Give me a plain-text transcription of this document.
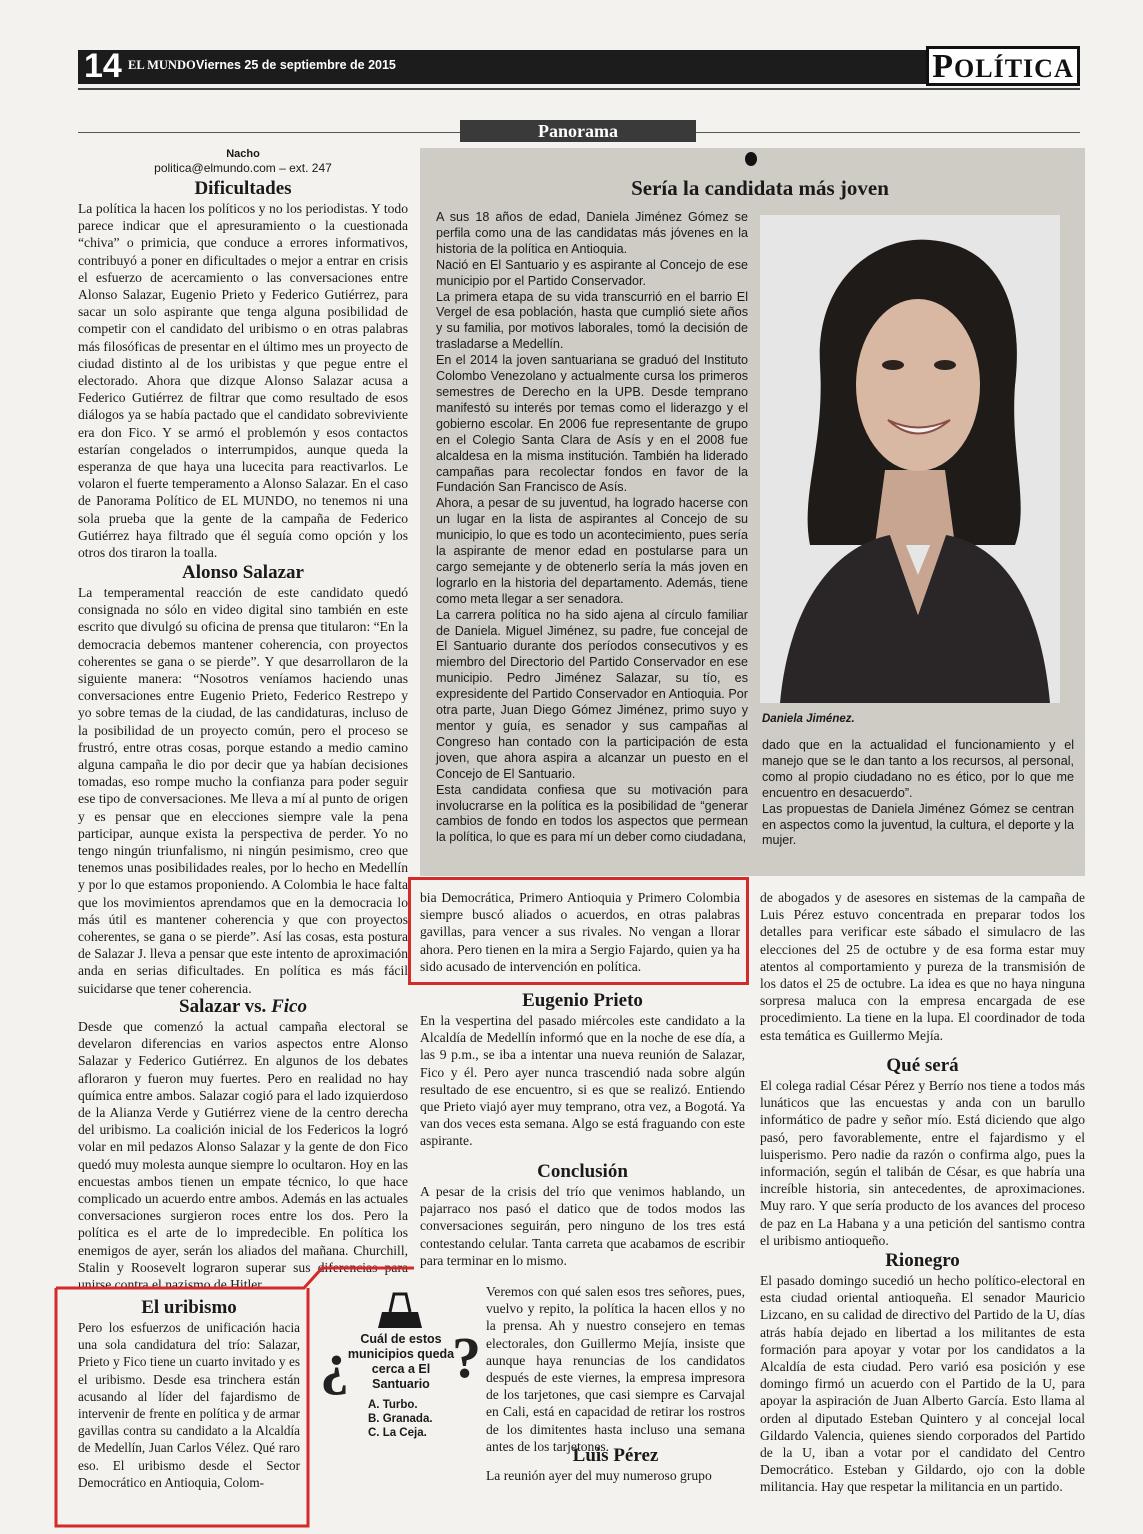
14 EL MUNDO Viernes 25 de septiembre de 2015	POLÍTICA
Panorama
Nacho
politica@elmundo.com – ext. 247
Dificultades

La política la hacen los políticos y no los periodistas. Y todo parece indicar que el apresuramiento o la cuestionada “chiva” o primicia, que conduce a errores informativos, contribuyó a poner en dificultades o mejor a entrar en crisis el esfuerzo de acercamiento o las conversaciones entre Alonso Salazar, Eugenio Prieto y Federico Gutiérrez, para sacar un solo aspirante que tenga alguna posibilidad de competir con el candidato del uribismo o en otras palabras más filosóficas de presentar en el último mes un proyecto de ciudad distinto al de los uribistas y que pegue entre el electorado. Ahora que dizque Alonso Salazar acusa a Federico Gutiérrez de filtrar que como resultado de esos diálogos ya se había pactado que el candidato sobreviviente era don Fico. Y se armó el problemón y esos contactos estarían congelados o interrumpidos, aunque queda la esperanza de que haya una lucecita para reactivarlos. Le volaron el fuerte temperamento a Alonso Salazar. En el caso de Panorama Político de EL MUNDO, no tenemos ni una sola prueba que la gente de la campaña de Federico Gutiérrez haya filtrado que él seguía como opción y los otros dos tiraron la toalla.

Alonso Salazar

La temperamental reacción de este candidato quedó consignada no sólo en video digital sino también en este escrito que divulgó su oficina de prensa que titularon: “En la democracia debemos mantener coherencia, con proyectos coherentes se gana o se pierde”. Y que desarrollaron de la siguiente manera: “Nosotros veníamos haciendo unas conversaciones entre Eugenio Prieto, Federico Restrepo y yo sobre temas de la ciudad, de las candidaturas, incluso de la posibilidad de un proyecto común, pero el proceso se frustró, entre otras cosas, porque estando a medio camino alguna campaña le dio por decir que ya habían decisiones tomadas, eso rompe mucho la confianza para poder seguir ese tipo de conversaciones. Me lleva a mí al punto de origen y es pensar que en elecciones siempre vale la pena participar, aunque exista la perspectiva de perder. Yo no tengo ningún triunfalismo, ni ningún pesimismo, creo que tenemos unas posibilidades reales, por lo hecho en Medellín y por lo que estamos proponiendo. A Colombia le hace falta que los movimientos aprendamos que en la democracia lo más útil es mantener coherencia y que con proyectos coherentes, se gana o se pierde”. Así las cosas, esta postura de Salazar J. lleva a pensar que este intento de aproximación anda en serias dificultades. En política es más fácil suicidarse que tener coherencia.

Salazar vs. Fico

Desde que comenzó la actual campaña electoral se develaron diferencias en varios aspectos entre Alonso Salazar y Federico Gutiérrez. En algunos de los debates afloraron y fueron muy fuertes. Pero en realidad no hay química entre ambos. Salazar cogió para el lado izquierdoso de la Alianza Verde y Gutiérrez viene de la centro derecha del uribismo. La coalición inicial de los Federicos la logró volar en mil pedazos Alonso Salazar y la gente de don Fico quedó muy molesta aunque siempre lo ocultaron. Hoy en las encuestas ambos tienen un empate técnico, lo que hace complicado un acuerdo entre ambos. Además en las actuales conversaciones surgieron roces entre los dos. Pero la política es el arte de lo impredecible. En política los enemigos de ayer, serán los aliados del mañana. Churchill, Stalin y Roosevelt lograron superar sus diferencias para unirse contra el nazismo de Hitler.

El uribismo

Pero los esfuerzos de unificación hacia una sola candidatura del trío: Salazar, Prieto y Fico tiene un cuarto invitado y es el uribismo. Desde esa trinchera están acusando al líder del fajardismo de intervenir de frente en política y de armar gavillas contra su candidato a la Alcaldía de Medellín, Juan Carlos Vélez. Qué raro eso. El uribismo desde el Sector Democrático en Antioquia, Colom-

Sería la candidata más joven

A sus 18 años de edad, Daniela Jiménez Gómez se perfila como una de las candidatas más jóvenes en la historia de la política en Antioquia.

Nació en El Santuario y es aspirante al Concejo de ese municipio por el Partido Conservador.

La primera etapa de su vida transcurrió en el barrio El Vergel de esa población, hasta que cumplió siete años y su familia, por motivos laborales, tomó la decisión de trasladarse a Medellín.

En el 2014 la joven santuariana se graduó del Instituto Colombo Venezolano y actualmente cursa los primeros semestres de Derecho en la UPB. Desde temprano manifestó su interés por temas como el liderazgo y el gobierno escolar. En 2006 fue representante de grupo en el Colegio Santa Clara de Asís y en el 2008 fue alcaldesa en la misma institución. También ha liderado campañas para recolectar fondos en favor de la Fundación San Francisco de Asís.

Ahora, a pesar de su juventud, ha logrado hacerse con un lugar en la lista de aspirantes al Concejo de su municipio, lo que es todo un acontecimiento, pues sería la aspirante de menor edad en postularse para un cargo semejante y de obtenerlo sería la más joven en lograrlo en la historia del departamento. Además, tiene como meta llegar a ser senadora.

La carrera política no ha sido ajena al círculo familiar de Daniela. Miguel Jiménez, su padre, fue concejal de El Santuario durante dos períodos consecutivos y es miembro del Directorio del Partido Conservador en ese municipio. Pedro Jiménez Salazar, su tío, es expresidente del Partido Conservador en Antioquia. Por otra parte, Juan Diego Gómez Jiménez, primo suyo y mentor y guía, es senador y sus campañas al Congreso han contado con la participación de esta joven, que ahora aspira a alcanzar un puesto en el Concejo de El Santuario.

Esta candidata confiesa que su motivación para involucrarse en la política es la posibilidad de “generar cambios de fondo en todos los aspectos que permean la política, lo que es para mí un deber como ciudadana,

Daniela Jiménez.

dado que en la actualidad el funcionamiento y el manejo que se le dan tanto a los recursos, al personal, como al propio ciudadano no es ético, por lo que me encuentro en desacuerdo”.

Las propuestas de Daniela Jiménez Gómez se centran en aspectos como la juventud, la cultura, el deporte y la mujer.

bia Democrática, Primero Antioquia y Primero Colombia siempre buscó aliados o acuerdos, en otras palabras gavillas, para vencer a sus rivales. No vengan a llorar ahora. Pero tienen en la mira a Sergio Fajardo, quien ya ha sido acusado de intervención en política.

Eugenio Prieto

En la vespertina del pasado miércoles este candidato a la Alcaldía de Medellín informó que en la noche de ese día, a las 9 p.m., se iba a intentar una nueva reunión de Salazar, Fico y él. Pero ayer nunca trascendió nada sobre algún resultado de ese encuentro, si es que se realizó. Entiendo que Prieto viajó ayer muy temprano, otra vez, a Bogotá. Ya van dos veces esta semana. Algo se está fraguando con este aspirante.

Conclusión

A pesar de la crisis del trío que venimos hablando, un pajarraco nos pasó el datico que de todos modos las conversaciones seguirán, pero ninguno de los tres está contestando celular. Tanta carreta que acabamos de escribir para terminar en lo mismo.

Veremos con qué salen esos tres señores, pues, vuelvo y repito, la política la hacen ellos y no la prensa. Ah y nuestro consejero en temas electorales, don Guillermo Mejía, insiste que aunque haya renuncias de los candidatos después de este viernes, la empresa impresora de los tarjetones, que casi siempre es Carvajal en Cali, está en capacidad de retirar los rostros de los dimitentes hasta incluso una semana antes de los tarjetones.

¿ ?
Cuál de estos municipios queda cerca a El Santuario
A. Turbo.
B. Granada.
C. La Ceja.
Luis Pérez

La reunión ayer del muy numeroso grupo

de abogados y de asesores en sistemas de la campaña de Luis Pérez estuvo concentrada en preparar todos los detalles para verificar este sábado el simulacro de las elecciones del 25 de octubre y de esa forma estar muy atentos al comportamiento y pureza de la transmisión de los datos el 25 de octubre. La idea es que no haya ninguna sorpresa maluca con la empresa encargada de ese procedimiento. La tiene en la lupa. El coordinador de toda esta temática es Guillermo Mejía.

Qué será

El colega radial César Pérez y Berrío nos tiene a todos más lunáticos que las encuestas y anda con un barullo informático de padre y señor mío. Está diciendo que algo pasó, pero favorablemente, entre el fajardismo y el luisperismo. Pero nadie da razón o confirma algo, pues la información, según el talibán de César, es que habría una increíble historia, sin antecedentes, de aproximaciones. Muy raro. Y que sería producto de los avances del proceso de paz en La Habana y a una petición del santismo contra el uribismo antioqueño.

Rionegro

El pasado domingo sucedió un hecho político-electoral en esta ciudad oriental antioqueña. El senador Mauricio Lizcano, en su calidad de directivo del Partido de la U, días atrás había dejado en libertad a los militantes de esta formación para apoyar y votar por los candidatos a la Alcaldía de esta ciudad. Pero varió esa posición y ese domingo firmó un acuerdo con el Partido de la U, para apoyar la aspiración de Juan Alberto García. Esto llama al orden al diputado Esteban Quintero y al concejal local Gildardo Valencia, quienes siendo corporados del Partido de la U, iban a votar por el candidato del Centro Democrático. Esteban y Gildardo, ojo con la doble militancia. Hay que respetar la militancia en un partido.
